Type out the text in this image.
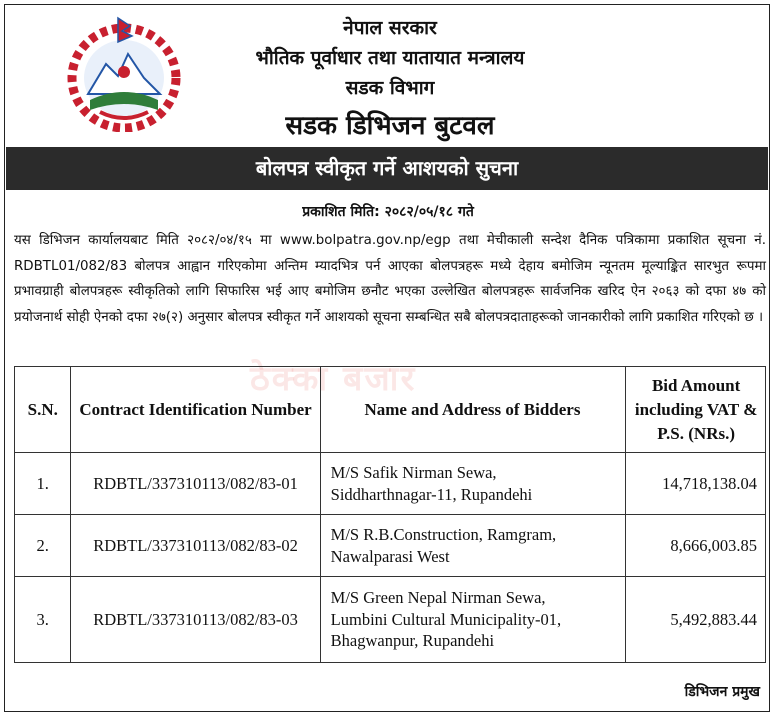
नेपाल सरकार
भौतिक पूर्वाधार तथा यातायात मन्त्रालय
सडक विभाग
सडक डिभिजन बुटवल
बोलपत्र स्वीकृत गर्ने आशयको सुचना
प्रकाशित मिति: २०८२/०५/१८ गते
यस डिभिजन कार्यालयबाट मिति २०८२/०४/१५ मा www.bolpatra.gov.np/egp तथा मेचीकाली सन्देश दैनिक पत्रिकामा प्रकाशित सूचना नं. RDBTL01/082/83 बोलपत्र आह्वान गरिएकोमा अन्तिम म्यादभित्र पर्न आएका बोलपत्रहरू मध्ये देहाय बमोजिम न्यूनतम मूल्याङ्कित सारभुत रूपमा प्रभावग्राही बोलपत्रहरू स्वीकृतिको लागि सिफारिस भई आए बमोजिम छनौट भएका उल्लेखित बोलपत्रहरू सार्वजनिक खरिद ऐन २०६३ को दफा ४७ को प्रयोजनार्थ सोही ऐनको दफा २७(२) अनुसार बोलपत्र स्वीकृत गर्ने आशयको सूचना सम्बन्धित सबै बोलपत्रदाताहरूको जानकारीको लागि प्रकाशित गरिएको छ ।
ठेक्का बजार
S.N.	Contract Identification Number	Name and Address of Bidders	Bid Amount including VAT & P.S. (NRs.)
1.	RDBTL/337310113/082/83-01	M/S Safik Nirman Sewa,
Siddharthnagar-11, Rupandehi	14,718,138.04
2.	RDBTL/337310113/082/83-02	M/S R.B.Construction, Ramgram,
Nawalparasi West	8,666,003.85
3.	RDBTL/337310113/082/83-03	M/S Green Nepal Nirman Sewa,
Lumbini Cultural Municipality-01, Bhagwanpur, Rupandehi	5,492,883.44
डिभिजन प्रमुख
